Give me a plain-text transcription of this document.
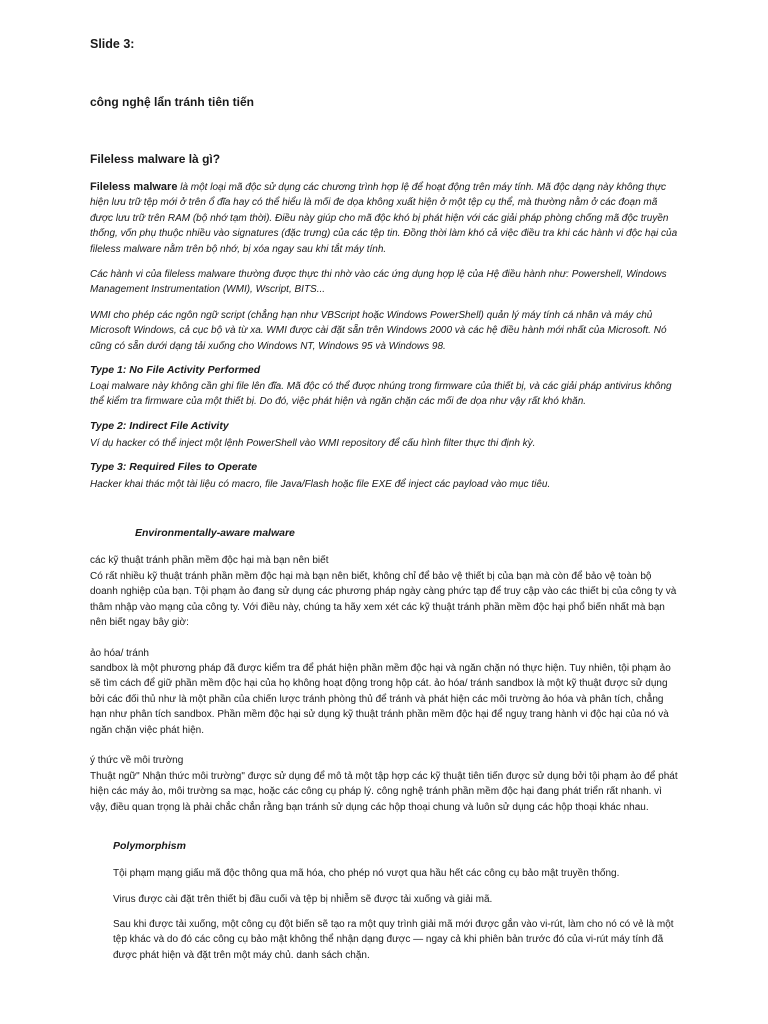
Slide 3:
công nghệ lẩn tránh tiên tiến
Fileless malware là gì?

Fileless malware là một loại mã độc sử dụng các chương trình hợp lệ để hoạt động trên máy tính. Mã độc dạng này không thực hiện lưu trữ tệp mới ở trên ổ đĩa hay có thể hiểu là mối đe dọa không xuất hiện ở một tệp cụ thể, mà thường nằm ở các đoạn mã được lưu trữ trên RAM (bộ nhớ tạm thời). Điều này giúp cho mã độc khó bị phát hiện với các giải pháp phòng chống mã độc truyền thống, vốn phụ thuộc nhiều vào signatures (đặc trưng) của các tệp tin. Đồng thời làm khó cả việc điều tra khi các hành vi độc hại của fileless malware nằm trên bộ nhớ, bị xóa ngay sau khi tắt máy tính.

Các hành vi của fileless malware thường được thực thi nhờ vào các ứng dụng hợp lệ của Hệ điều hành như: Powershell, Windows Management Instrumentation (WMI), Wscript, BITS...

WMI cho phép các ngôn ngữ script (chẳng hạn như VBScript hoặc Windows PowerShell) quản lý máy tính cá nhân và máy chủ Microsoft Windows, cả cục bộ và từ xa. WMI được cài đặt sẵn trên Windows 2000 và các hệ điều hành mới nhất của Microsoft. Nó cũng có sẵn dưới dạng tải xuống cho Windows NT, Windows 95 và Windows 98.

Type 1: No File Activity Performed

Loại malware này không cần ghi file lên đĩa. Mã độc có thể được nhúng trong firmware của thiết bị, và các giải pháp antivirus không thể kiểm tra firmware của một thiết bị. Do đó, việc phát hiện và ngăn chặn các mối đe dọa như vậy rất khó khăn.

Type 2: Indirect File Activity

Ví dụ hacker có thể inject một lệnh PowerShell vào WMI repository để cấu hình filter thực thi định kỳ.

Type 3: Required Files to Operate

Hacker khai thác một tài liệu có macro, file Java/Flash hoặc file EXE để inject các payload vào mục tiêu.

Environmentally-aware malware

các kỹ thuật tránh phần mềm độc hại mà bạn nên biết

Có rất nhiều kỹ thuật tránh phần mềm độc hại mà bạn nên biết, không chỉ để bảo vệ thiết bị của bạn mà còn để bảo vệ toàn bộ doanh nghiệp của bạn. Tội phạm ảo đang sử dụng các phương pháp ngày càng phức tạp để truy cập vào các thiết bị của công ty và thâm nhập vào mạng của công ty. Với điều này, chúng ta hãy xem xét các kỹ thuật tránh phần mềm độc hại phổ biến nhất mà bạn nên biết ngay bây giờ:

ảo hóa/ tránh

sandbox là một phương pháp đã được kiểm tra để phát hiện phần mềm độc hại và ngăn chặn nó thực hiện. Tuy nhiên, tội phạm ảo sẽ tìm cách để giữ phần mềm độc hại của họ không hoạt động trong hộp cát. ảo hóa/ tránh sandbox là một kỹ thuật được sử dụng bởi các đối thủ như là một phần của chiến lược tránh phòng thủ để tránh và phát hiện các môi trường ảo hóa và phân tích, chẳng hạn như phân tích sandbox. Phần mềm độc hại sử dụng kỹ thuật tránh phần mềm độc hại để nguỵ trang hành vi độc hại của nó và ngăn chặn việc phát hiện.

ý thức về môi trường

Thuật ngữ" Nhận thức môi trường" được sử dụng để mô tả một tập hợp các kỹ thuật tiên tiến được sử dụng bởi tội phạm ảo để phát hiện các máy ảo, môi trường sa mạc, hoặc các công cụ pháp lý. công nghệ tránh phần mềm độc hại đang phát triển rất nhanh. vì vậy, điều quan trọng là phải chắc chắn rằng bạn tránh sử dụng các hộp thoại chung và luôn sử dụng các hộp thoại khác nhau.

Polymorphism

Tội phạm mạng giấu mã độc thông qua mã hóa, cho phép nó vượt qua hầu hết các công cụ bảo mật truyền thống.

Virus được cài đặt trên thiết bị đầu cuối và tệp bị nhiễm sẽ được tải xuống và giải mã.

Sau khi được tải xuống, một công cụ đột biến sẽ tạo ra một quy trình giải mã mới được gắn vào vi-rút, làm cho nó có vẻ là một tệp khác và do đó các công cụ bảo mật không thể nhận dạng được — ngay cả khi phiên bản trước đó của vi-rút máy tính đã được phát hiện và đặt trên một máy chủ. danh sách chặn.
